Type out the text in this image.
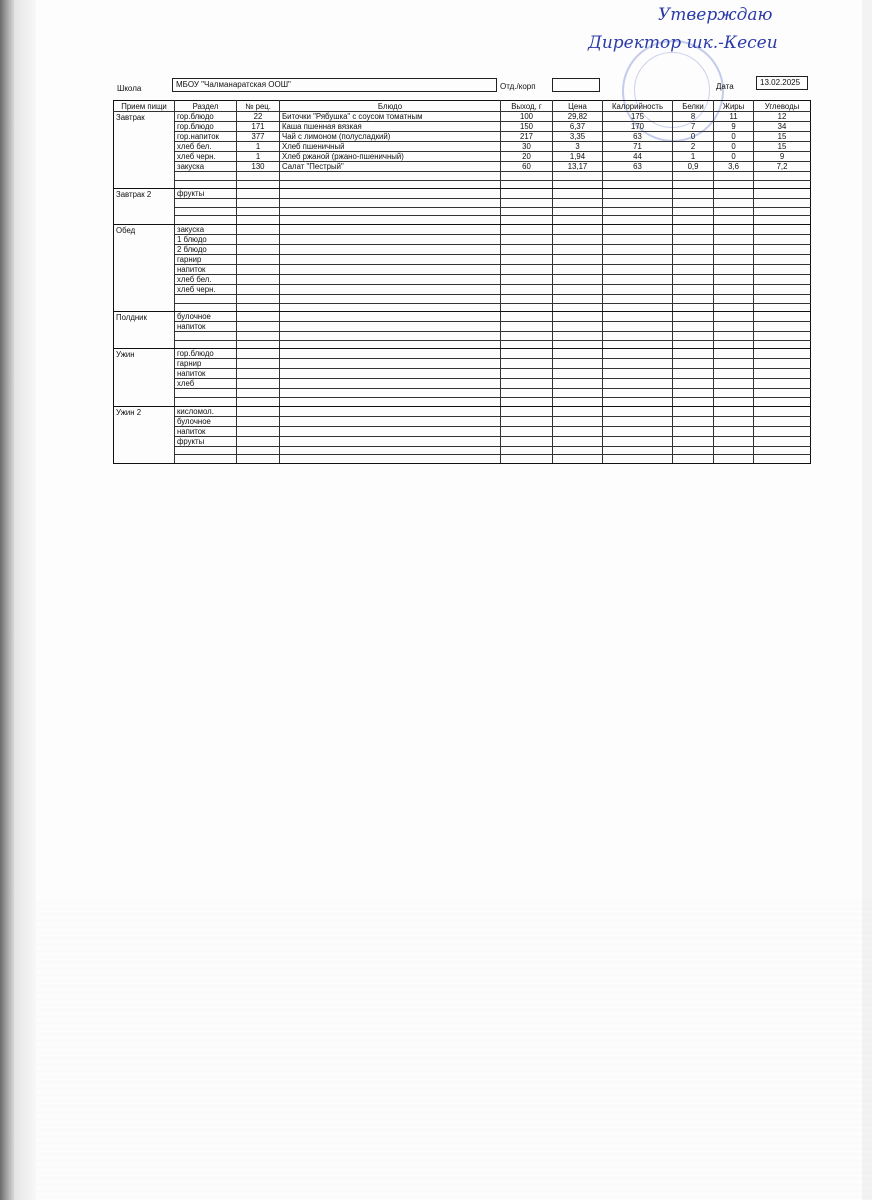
Утверждаю
Директор шк.-Кесеи
Школа	МБОУ "Чалманаратская ООШ"	Отд./корп	Дата	13.02.2025
Прием пищи	Раздел	№ рец.	Блюдо	Выход, г	Цена	Калорийность	Белки	Жиры	Углеводы
Завтрак	гор.блюдо	22	Биточки "Рябушка" с соусом томатным	100	29,82	175	8	11	12
	гор.блюдо	171	Каша пшенная вязкая	150	6,37	170	7	9	34
	гор.напиток	377	Чай с лимоном (полусладкий)	217	3,35	63	0	0	15
	хлеб бел.	1	Хлеб пшеничный	30	3	71	2	0	15
	хлеб черн.	1	Хлеб ржаной (ржано-пшеничный)	20	1,94	44	1	0	9
	закуска	130	Салат "Пестрый"	60	13,17	63	0,9	3,6	7,2

Завтрак 2	фрукты								

Обед	закуска								
	1 блюдо								
	2 блюдо								
	гарнир								
	напиток								
	хлеб бел.								
	хлеб черн.								

Полдник	булочное								
	напиток								

Ужин	гор.блюдо								
	гарнир								
	напиток								
	хлеб								

Ужин 2	кисломол.								
	булочное								
	напиток								
	фрукты								
